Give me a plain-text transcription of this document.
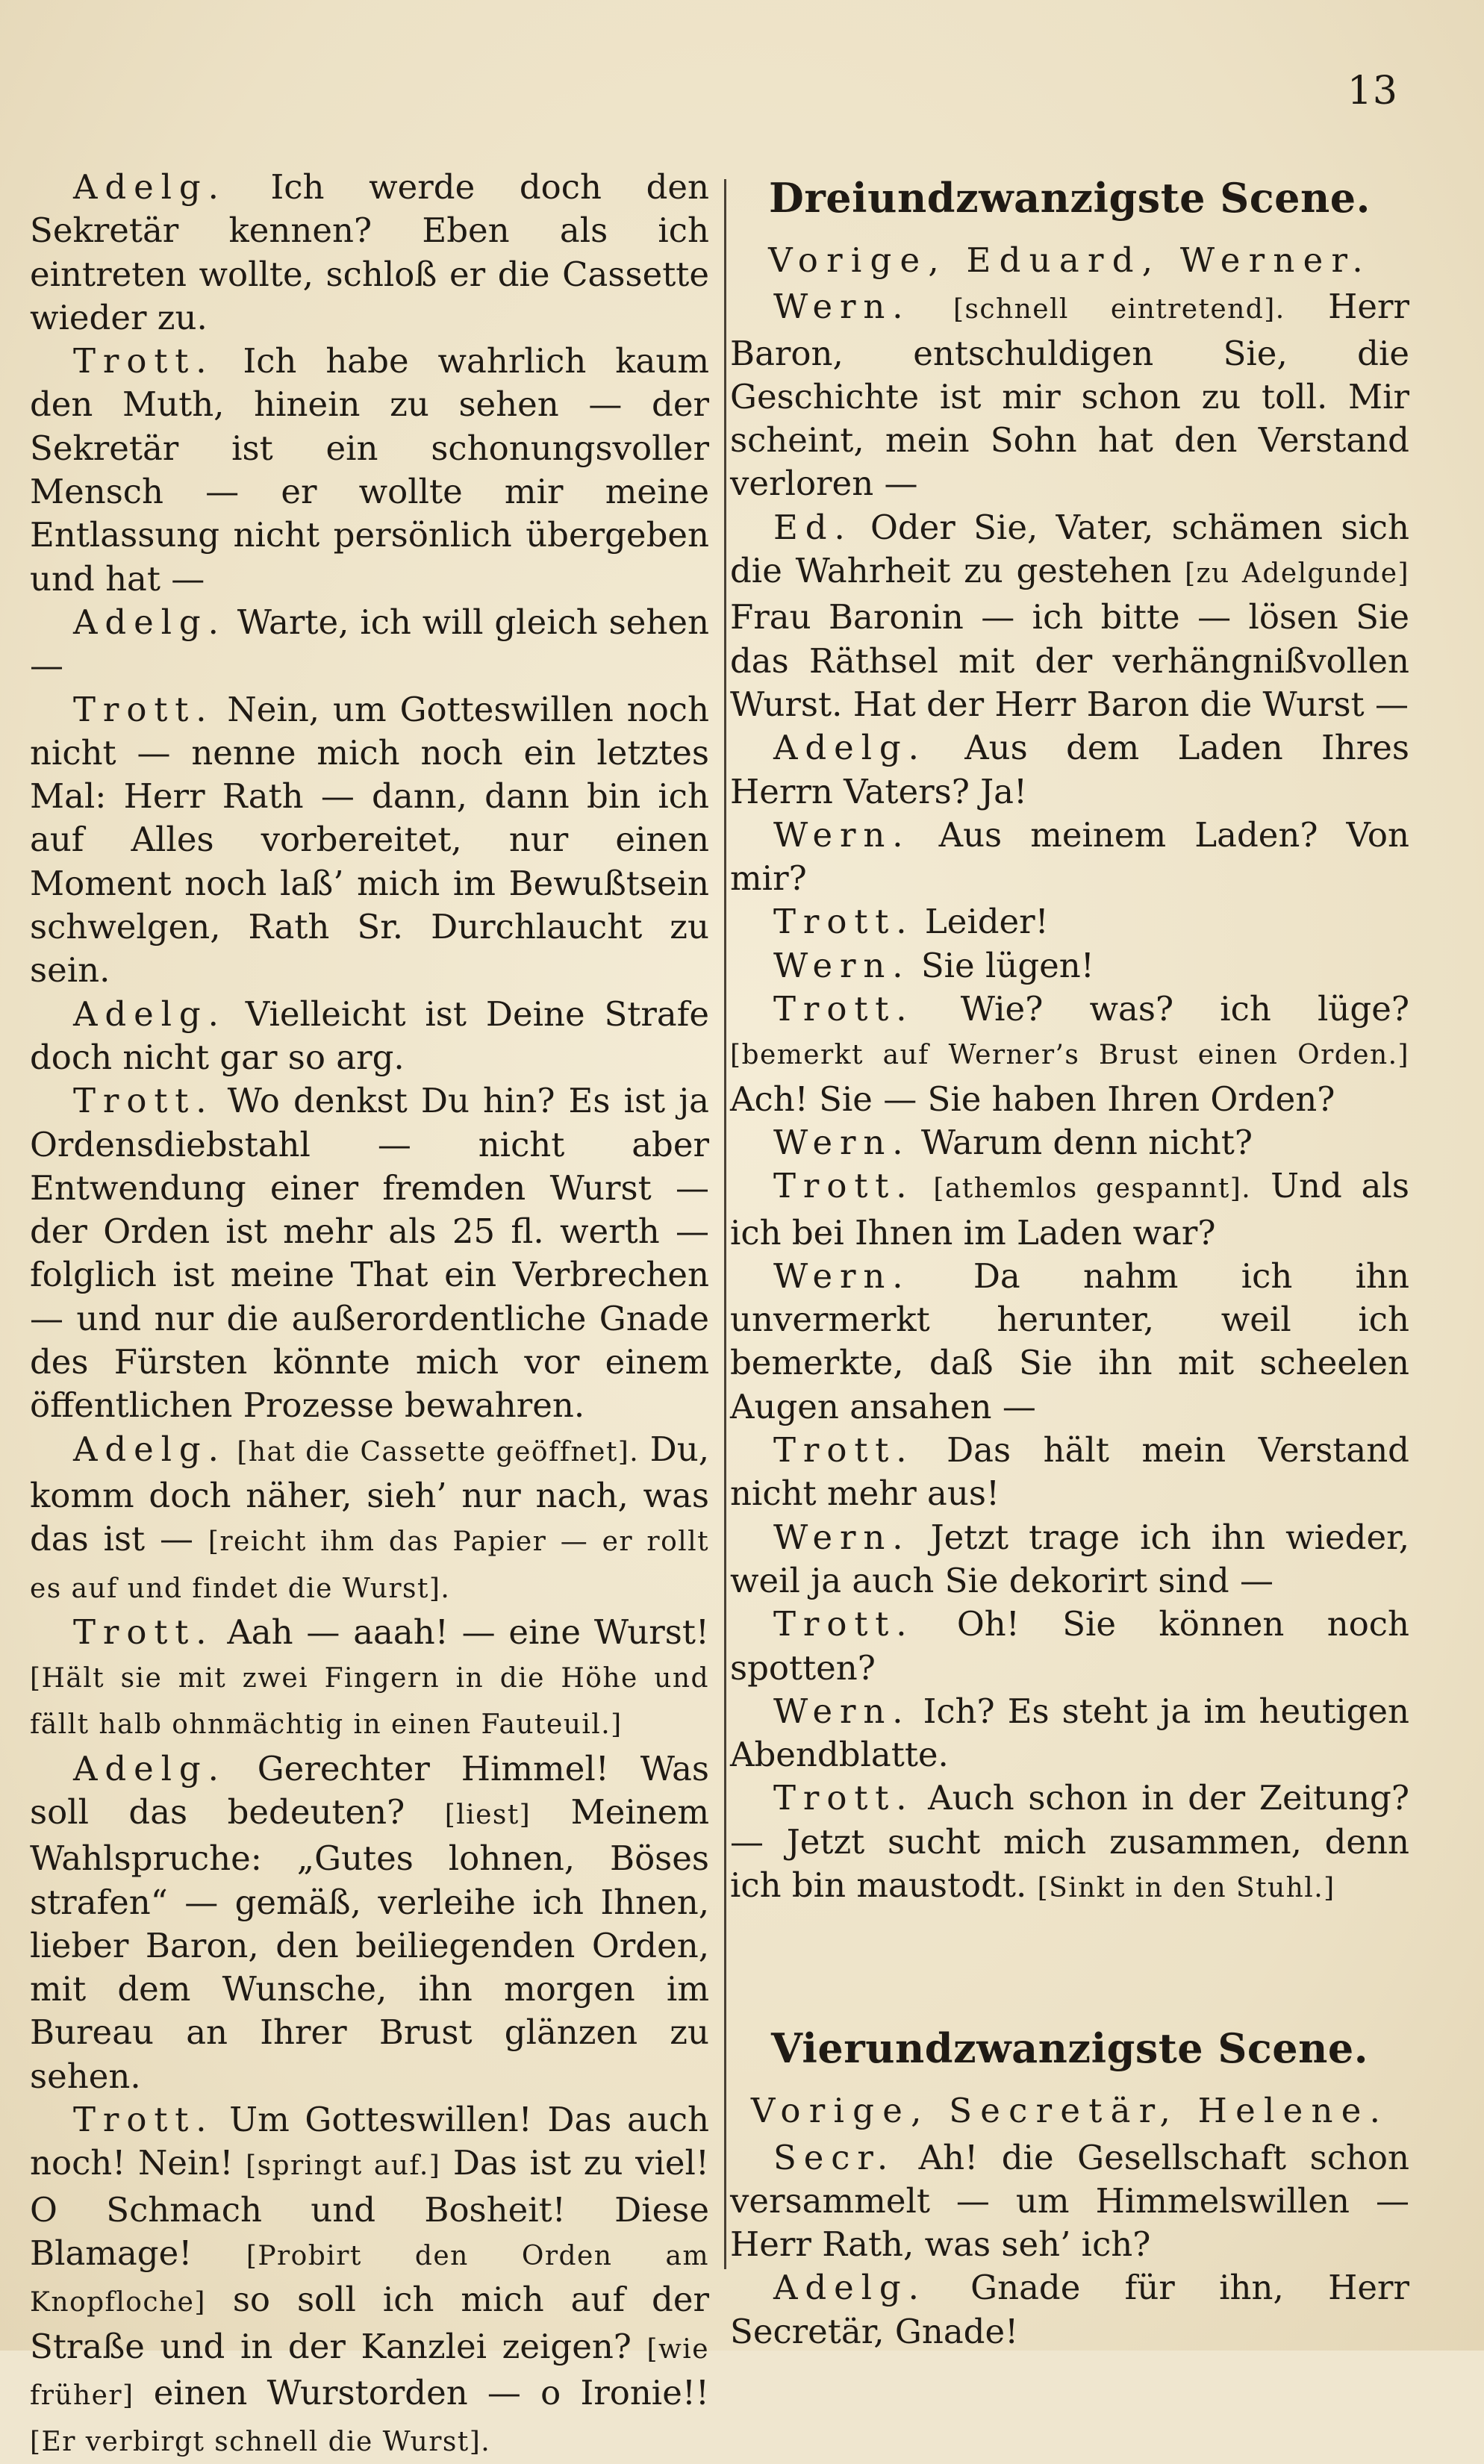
13

Adelg. Ich werde doch den Sekretär kennen? Eben als ich eintreten wollte, schloß er die Cassette wieder zu.

Trott. Ich habe wahrlich kaum den Muth, hinein zu sehen — der Sekretär ist ein schonungsvoller Mensch — er wollte mir meine Entlassung nicht persönlich übergeben und hat —

Adelg. Warte, ich will gleich sehen —

Trott. Nein, um Gotteswillen noch nicht — nenne mich noch ein letztes Mal: Herr Rath — dann, dann bin ich auf Alles vorbereitet, nur einen Moment noch laß’ mich im Bewußtsein schwelgen, Rath Sr. Durchlaucht zu sein.

Adelg. Vielleicht ist Deine Strafe doch nicht gar so arg.

Trott. Wo denkst Du hin? Es ist ja Ordensdiebstahl — nicht aber Entwendung einer fremden Wurst — der Orden ist mehr als 25 fl. werth — folglich ist meine That ein Verbrechen — und nur die außerordentliche Gnade des Fürsten könnte mich vor einem öffentlichen Prozesse bewahren.

Adelg. [hat die Cassette geöffnet]. Du, komm doch näher, sieh’ nur nach, was das ist — [reicht ihm das Papier — er rollt es auf und findet die Wurst].

Trott. Aah — aaah! — eine Wurst! [Hält sie mit zwei Fingern in die Höhe und fällt halb ohnmächtig in einen Fauteuil.]

Adelg. Gerechter Himmel! Was soll das bedeuten? [liest] Meinem Wahlspruche: „Gutes lohnen, Böses strafen“ — gemäß, verleihe ich Ihnen, lieber Baron, den beiliegenden Orden, mit dem Wunsche, ihn morgen im Bureau an Ihrer Brust glänzen zu sehen.

Trott. Um Gotteswillen! Das auch noch! Nein! [springt auf.] Das ist zu viel! O Schmach und Bosheit! Diese Blamage! [Probirt den Orden am Knopfloche] so soll ich mich auf der Straße und in der Kanzlei zeigen? [wie früher] einen Wurstorden — o Ironie!! [Er verbirgt schnell die Wurst].

Dreiundzwanzigste Scene.

Vorige, Eduard, Werner.

Wern. [schnell eintretend]. Herr Baron, entschuldigen Sie, die Geschichte ist mir schon zu toll. Mir scheint, mein Sohn hat den Verstand verloren —

Ed. Oder Sie, Vater, schämen sich die Wahrheit zu gestehen [zu Adelgunde] Frau Baronin — ich bitte — lösen Sie das Räthsel mit der verhängnißvollen Wurst. Hat der Herr Baron die Wurst —

Adelg. Aus dem Laden Ihres Herrn Vaters? Ja!

Wern. Aus meinem Laden? Von mir?

Trott. Leider!

Wern. Sie lügen!

Trott. Wie? was? ich lüge? [bemerkt auf Werner’s Brust einen Orden.] Ach! Sie — Sie haben Ihren Orden?

Wern. Warum denn nicht?

Trott. [athemlos gespannt]. Und als ich bei Ihnen im Laden war?

Wern. Da nahm ich ihn unvermerkt herunter, weil ich bemerkte, daß Sie ihn mit scheelen Augen ansahen —

Trott. Das hält mein Verstand nicht mehr aus!

Wern. Jetzt trage ich ihn wieder, weil ja auch Sie dekorirt sind —

Trott. Oh! Sie können noch spotten?

Wern. Ich? Es steht ja im heutigen Abendblatte.

Trott. Auch schon in der Zeitung? — Jetzt sucht mich zusammen, denn ich bin maustodt. [Sinkt in den Stuhl.]

Vierundzwanzigste Scene.

Vorige, Secretär, Helene.

Secr. Ah! die Gesellschaft schon versammelt — um Himmelswillen — Herr Rath, was seh’ ich?

Adelg. Gnade für ihn, Herr Secretär, Gnade!
